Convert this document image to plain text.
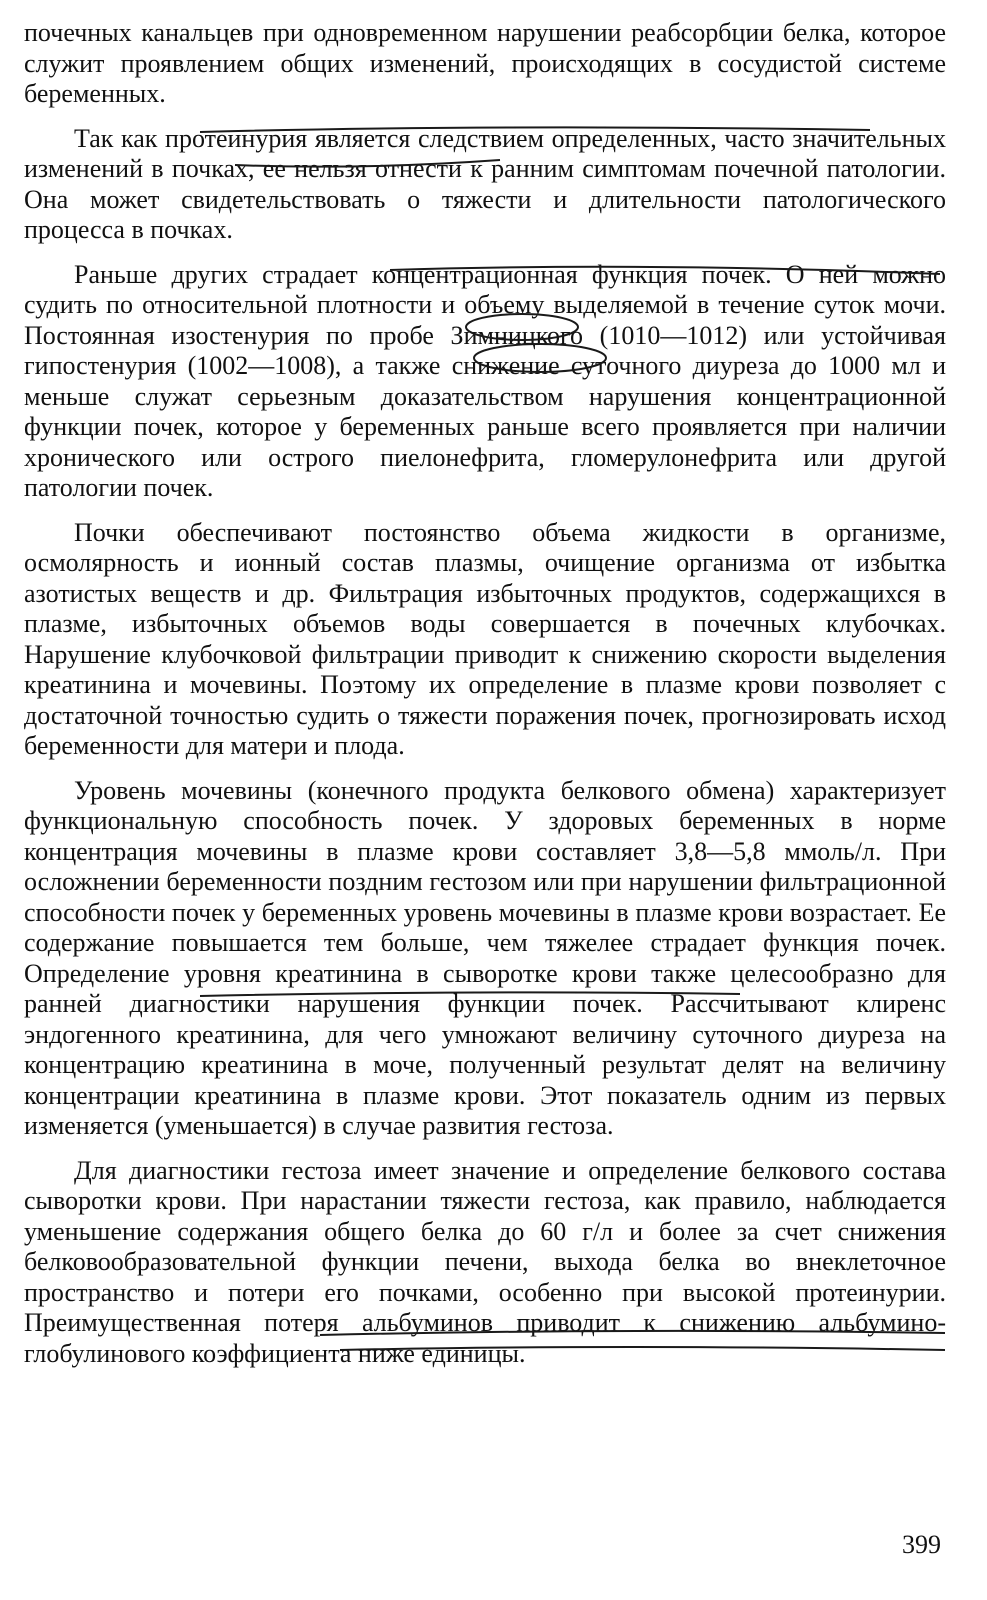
почечных канальцев при одновременном нарушении реабсорбции белка, которое служит проявлением общих изменений, происходящих в сосудистой системе беременных.

Так как протеинурия является следствием определенных, часто значительных изменений в почках, ее нельзя отнести к ранним симптомам почечной патологии. Она может свидетельствовать о тяжести и длительности патологического процесса в почках.

Раньше других страдает концентрационная функция почек. О ней можно судить по относительной плотности и объему выделяемой в течение суток мочи. Постоянная изостенурия по пробе Зимницкого (1010—1012) или устойчивая гипостенурия (1002—1008), а также снижение суточного диуреза до 1000 мл и меньше служат серьезным доказательством нарушения концентрационной функции почек, которое у беременных раньше всего проявляется при наличии хронического или острого пиелонефрита, гломерулонефрита или другой патологии почек.

Почки обеспечивают постоянство объема жидкости в организме, осмолярность и ионный состав плазмы, очищение организма от избытка азотистых веществ и др. Фильтрация избыточных продуктов, содержащихся в плазме, избыточных объемов воды совершается в почечных клубочках. Нарушение клубочковой фильтрации приводит к снижению скорости выделения креатинина и мочевины. Поэтому их определение в плазме крови позволяет с достаточной точностью судить о тяжести поражения почек, прогнозировать исход беременности для матери и плода.

Уровень мочевины (конечного продукта белкового обмена) характеризует функциональную способность почек. У здоровых беременных в норме концентрация мочевины в плазме крови составляет 3,8—5,8 ммоль/л. При осложнении беременности поздним гестозом или при нарушении фильтрационной способности почек у беременных уровень мочевины в плазме крови возрастает. Ее содержание повышается тем больше, чем тяжелее страдает функция почек. Определение уровня креатинина в сыворотке крови также целесообразно для ранней диагностики нарушения функции почек. Рассчитывают клиренс эндогенного креатинина, для чего умножают величину суточного диуреза на концентрацию креатинина в моче, полученный результат делят на величину концентрации креатинина в плазме крови. Этот показатель одним из первых изменяется (уменьшается) в случае развития гестоза.

Для диагностики гестоза имеет значение и определение белкового состава сыворотки крови. При нарастании тяжести гестоза, как правило, наблюдается уменьшение содержания общего белка до 60 г/л и более за счет снижения белковообразовательной функции печени, выхода белка во внеклеточное пространство и потери его почками, особенно при высокой протеинурии. Преимущественная потеря альбуминов приводит к снижению альбумино-глобулинового коэффициента ниже единицы.

399
